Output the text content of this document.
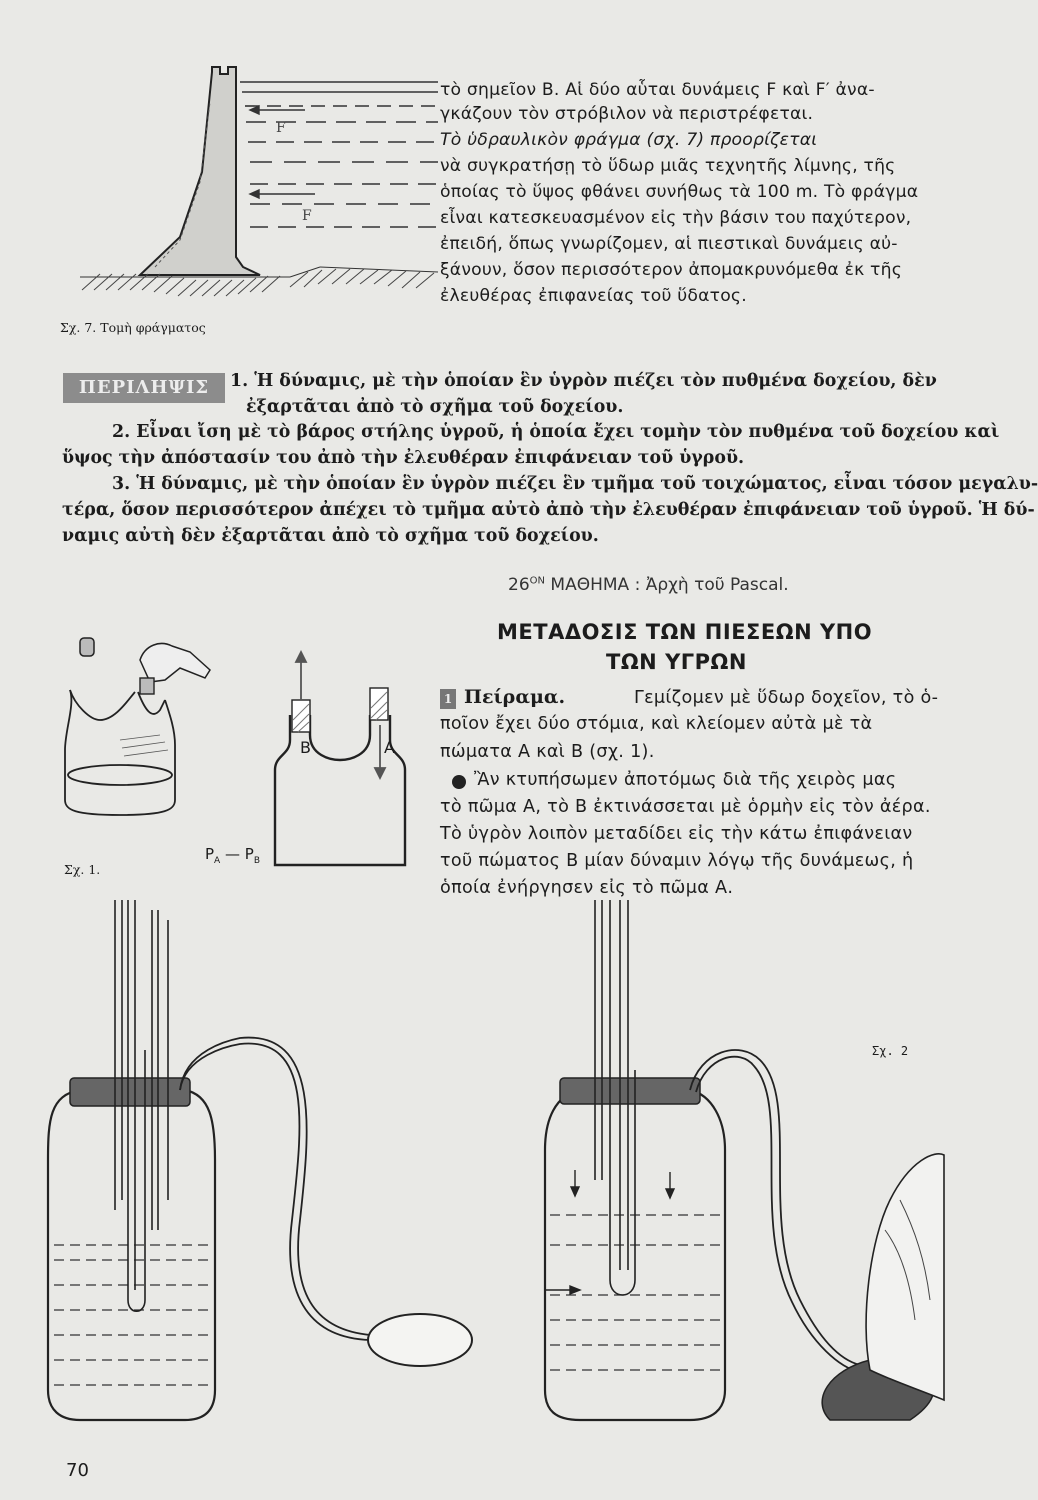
F
F
Σχ. 7. Τομὴ φράγματος
τὸ σημεῖον Β. Αἱ δύο αὗται δυνάμεις F καὶ F′ ἀνα-
γκάζουν τὸν στρόβιλον νὰ περιστρέφεται.
Τὸ ὑδραυλικὸν φράγμα (σχ. 7) προορίζεται
νὰ συγκρατήσῃ τὸ ὕδωρ μιᾶς τεχνητῆς λίμνης, τῆς
ὁποίας τὸ ὕψος φθάνει συνήθως τὰ 100 m. Τὸ φράγμα
εἶναι κατεσκευασμένον εἰς τὴν βάσιν του παχύτερον,
ἐπειδή, ὅπως γνωρίζομεν, αἱ πιεστικαὶ δυνάμεις αὐ-
ξάνουν, ὅσον περισσότερον ἀπομακρυνόμεθα ἐκ τῆς
ἐλευθέρας ἐπιφανείας τοῦ ὕδατος.
ΠΕΡΙΛΗΨΙΣ	1. Ἡ δύναμις, μὲ τὴν ὁποίαν ἓν ὑγρὸν πιέζει τὸν πυθμένα δοχείου, δὲν
ἐξαρτᾶται ἀπὸ τὸ σχῆμα τοῦ δοχείου.
2. Εἶναι ἴση μὲ τὸ βάρος στήλης ὑγροῦ, ἡ ὁποία ἔχει τομὴν τὸν πυθμένα τοῦ δοχείου καὶ
ὕψος τὴν ἀπόστασίν του ἀπὸ τὴν ἐλευθέραν ἐπιφάνειαν τοῦ ὑγροῦ.
3. Ἡ δύναμις, μὲ τὴν ὁποίαν ἓν ὑγρὸν πιέζει ἓν τμῆμα τοῦ τοιχώματος, εἶναι τόσον μεγαλυ-
τέρα, ὅσον περισσότερον ἀπέχει τὸ τμῆμα αὐτὸ ἀπὸ τὴν ἐλευθέραν ἐπιφάνειαν τοῦ ὑγροῦ. Ἡ δύ-
ναμις αὐτὴ δὲν ἐξαρτᾶται ἀπὸ τὸ σχῆμα τοῦ δοχείου.
$26^{ON}$ ΜΑΘΗΜΑ : Ἀρχὴ τοῦ Pascal.
ΜΕΤΑΔΟΣΙΣ ΤΩΝ ΠΙΕΣΕΩΝ ΥΠΟ
ΤΩΝ ΥΓΡΩΝ
1 Πείραμα.	Γεμίζομεν μὲ ὕδωρ δοχεῖον, τὸ ὁ-
ποῖον ἔχει δύο στόμια, καὶ κλείομεν αὐτὰ μὲ τὰ
πώματα Α καὶ Β (σχ. 1).
Ἂν κτυπήσωμεν ἀποτόμως διὰ τῆς χειρὸς μας
τὸ πῶμα Α, τὸ Β ἐκτινάσσεται μὲ ὁρμὴν εἰς τὸν ἀέρα.
Τὸ ὑγρὸν λοιπὸν μεταδίδει εἰς τὴν κάτω ἐπιφάνειαν
τοῦ πώματος Β μίαν δύναμιν λόγῳ τῆς δυνάμεως, ἡ
ὁποία ἐνήργησεν εἰς τὸ πῶμα Α.
B	A
$P_A$ — $P_B$
Σχ. 1.
Σχ. 2
70
